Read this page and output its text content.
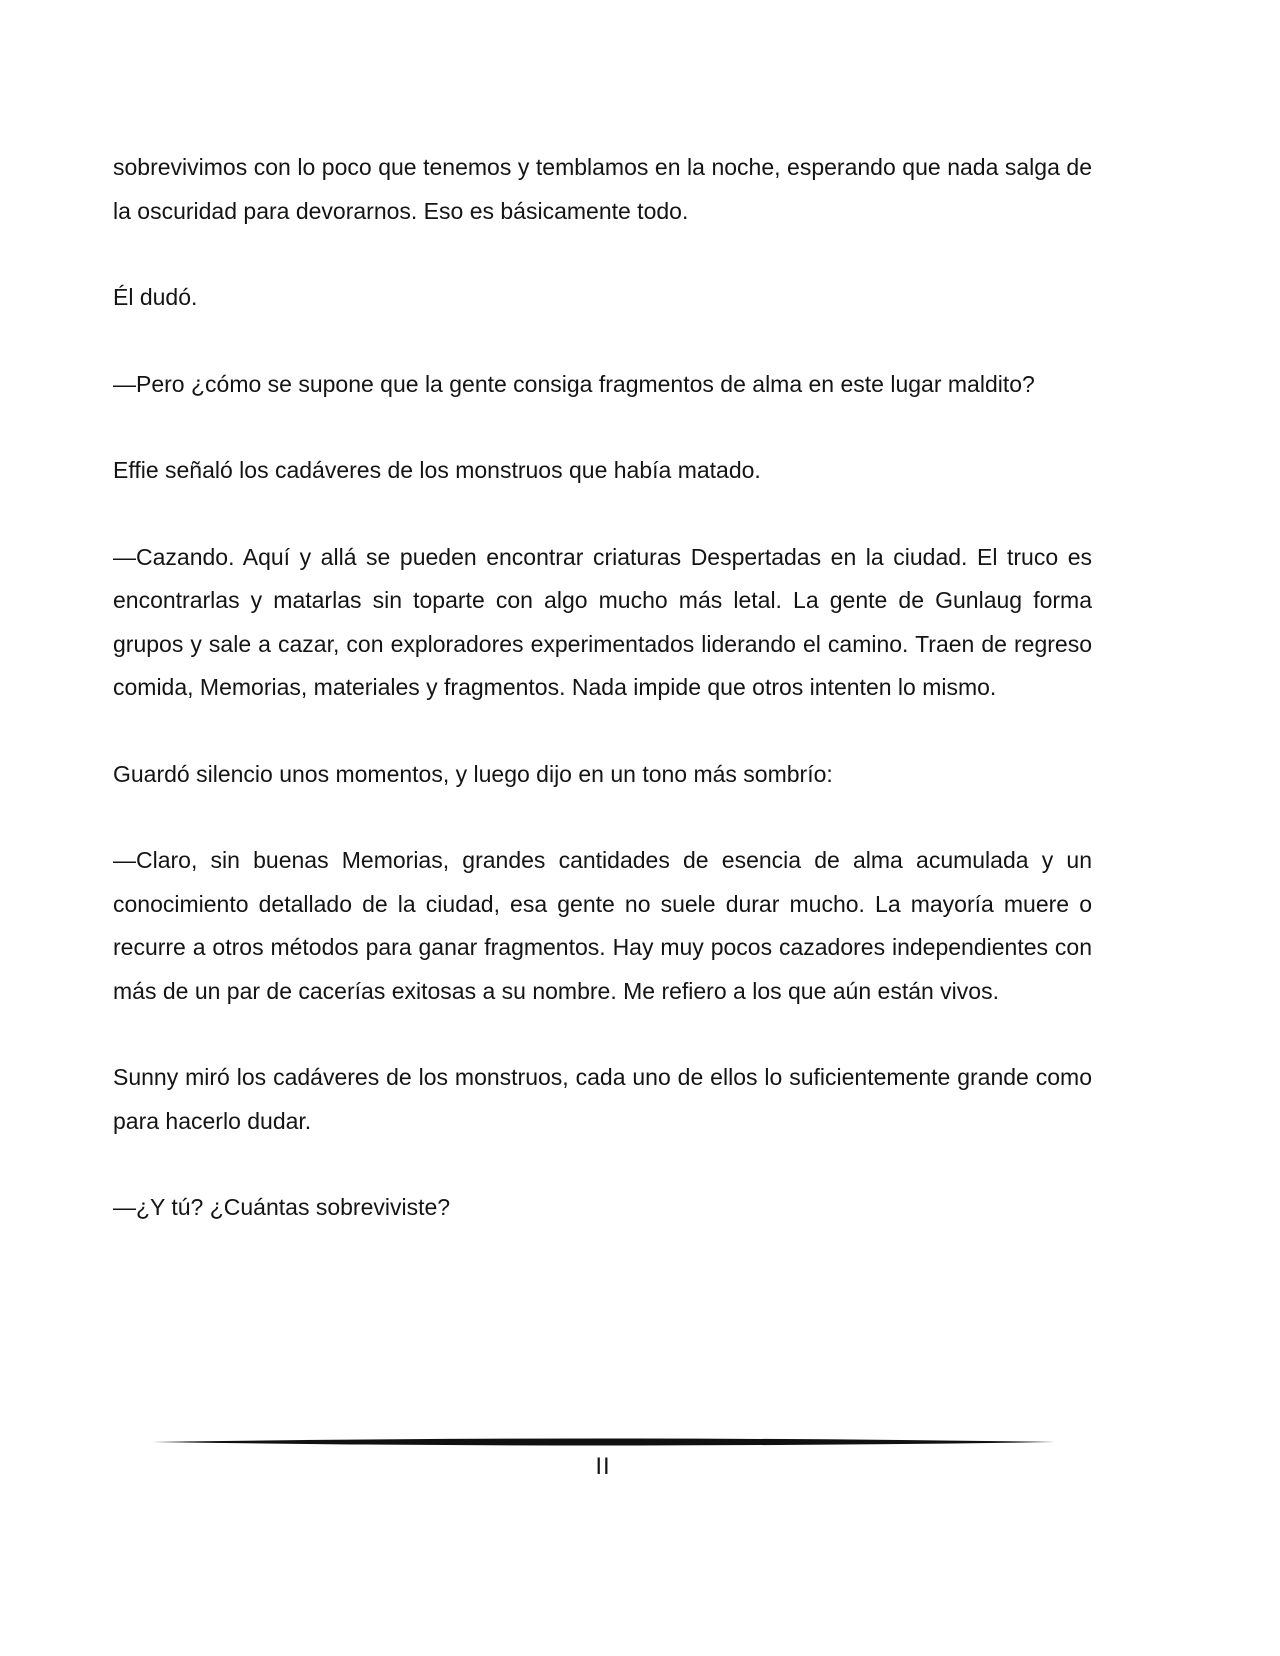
sobrevivimos con lo poco que tenemos y temblamos en la noche, esperando que nada salga de la oscuridad para devorarnos. Eso es básicamente todo.

Él dudó.

—Pero ¿cómo se supone que la gente consiga fragmentos de alma en este lugar maldito?

Effie señaló los cadáveres de los monstruos que había matado.

—Cazando. Aquí y allá se pueden encontrar criaturas Despertadas en la ciudad. El truco es encontrarlas y matarlas sin toparte con algo mucho más letal. La gente de Gunlaug forma grupos y sale a cazar, con exploradores experimentados liderando el camino. Traen de regreso comida, Memorias, materiales y fragmentos. Nada impide que otros intenten lo mismo.

Guardó silencio unos momentos, y luego dijo en un tono más sombrío:

—Claro, sin buenas Memorias, grandes cantidades de esencia de alma acumulada y un conocimiento detallado de la ciudad, esa gente no suele durar mucho. La mayoría muere o recurre a otros métodos para ganar fragmentos. Hay muy pocos cazadores independientes con más de un par de cacerías exitosas a su nombre. Me refiero a los que aún están vivos.

Sunny miró los cadáveres de los monstruos, cada uno de ellos lo suficientemente grande como para hacerlo dudar.

—¿Y tú? ¿Cuántas sobreviviste?

II
